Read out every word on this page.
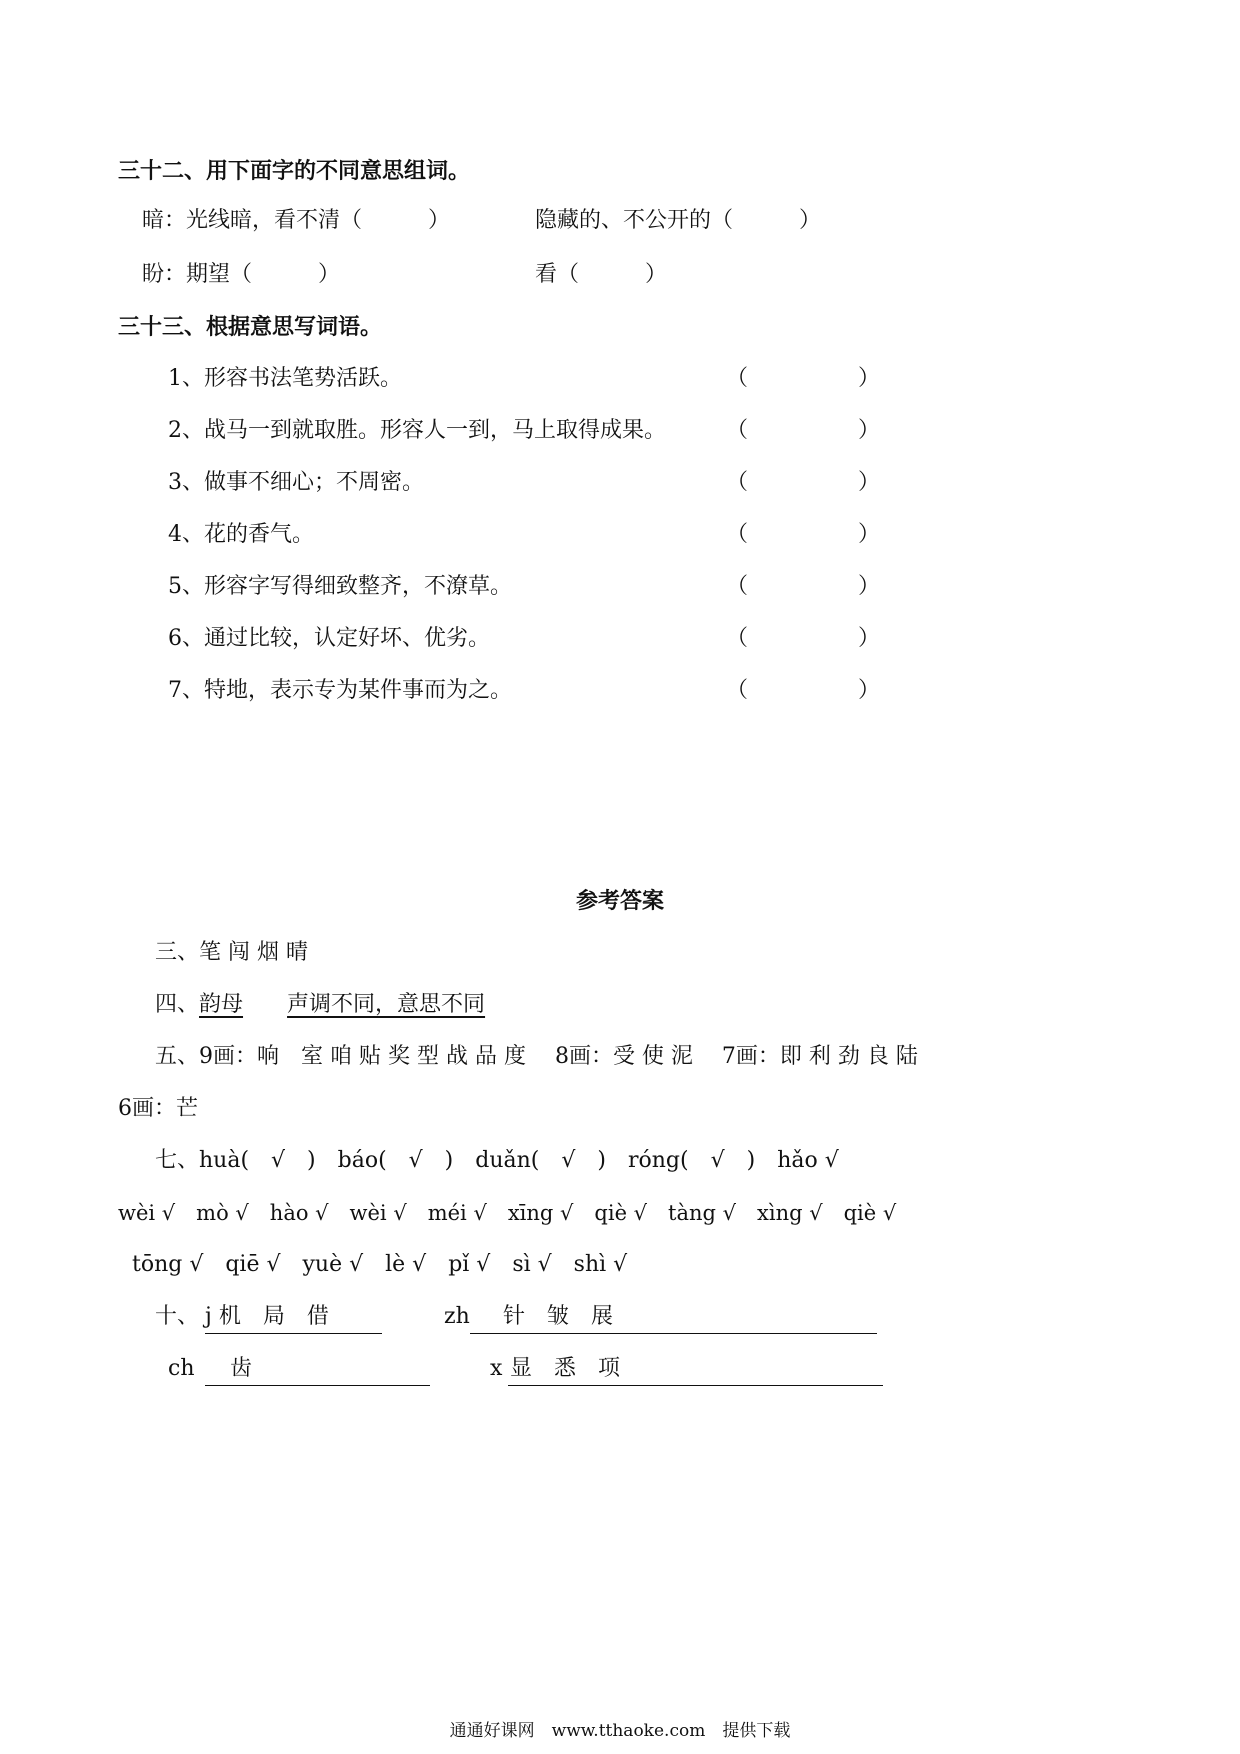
三十二、用下面字的不同意思组词。
暗：光线暗，看不清（　　　）	隐藏的、不公开的（　　　）
盼：期望（　　　）	看（　　　）
三十三、根据意思写词语。
1、形容书法笔势活跃。	（　　　　　）
2、战马一到就取胜。形容人一到，马上取得成果。	（　　　　　）
3、做事不细心；不周密。	（　　　　　）
4、花的香气。	（　　　　　）
5、形容字写得细致整齐，不潦草。	（　　　　　）
6、通过比较，认定好坏、优劣。	（　　　　　）
7、特地，表示专为某件事而为之。	（　　　　　）
参考答案
三、笔 闯 烟 晴
四、韵母　　 声调不同，意思不同
五、9画：响　室 咱 贴 奖 型 战 品 度　 8画：受 使 泥　 7画：即 利 劲 良 陆
6画：芒
七、huà(　√　)　báo(　√　)　duǎn(　√　)　róng(　√　)　hǎo √
wèi √　mò √　hào √　wèi √　méi √　xīng √　qiè √　tàng √　xìng √　qiè √
tōng √　qiē √　yuè √　lè √　pǐ √　sì √　shì √
十、 j 机　局　借	zh 针　皱　展
ch 齿	x 显　悉　项
通通好课网　www.tthaoke.com　提供下载
